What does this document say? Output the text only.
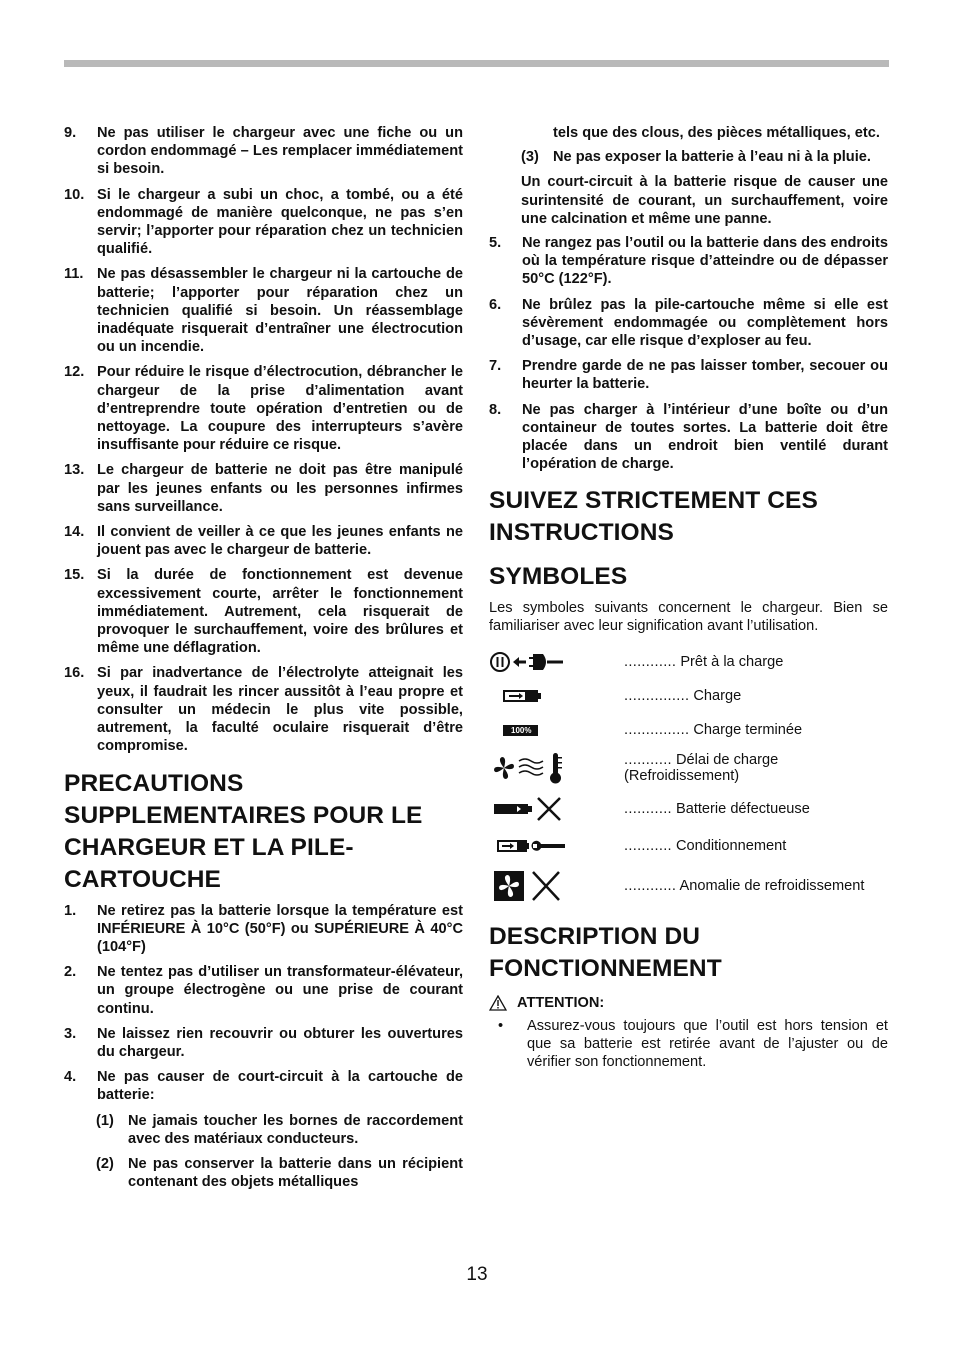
9.	Ne pas utiliser le chargeur avec une fiche ou un cordon endommagé – Les remplacer immédiatement si besoin.
10. Si le chargeur a subi un choc, a tombé, ou a été endommagé de manière quelconque, ne pas s’en servir; l’apporter pour réparation chez un technicien qualifié.
11. Ne pas désassembler le chargeur ni la cartouche de batterie; l’apporter pour réparation chez un technicien qualifié si besoin. Un réassemblage inadéquate risquerait d’entraîner une électrocution ou un incendie.
12. Pour réduire le risque d’électrocution, débrancher le chargeur de la prise d’alimentation avant d’entreprendre toute opération d’entretien ou de nettoyage. La coupure des interrupteurs s’avère insuffisante pour réduire ce risque.
13. Le chargeur de batterie ne doit pas être manipulé par les jeunes enfants ou les personnes infirmes sans surveillance.
14. Il convient de veiller à ce que les jeunes enfants ne jouent pas avec le chargeur de batterie.
15. Si la durée de fonctionnement est devenue excessivement courte, arrêter le fonctionnement immédiatement. Autrement, cela risquerait de provoquer le surchauffement, voire des brûlures et même une déflagration.
16. Si par inadvertance de l’électrolyte atteignait les yeux, il faudrait les rincer aussitôt à l’eau propre et consulter un médecin le plus vite possible, autrement, la faculté oculaire risquerait d’être compromise.
PRECAUTIONS SUPPLEMENTAIRES POUR LE CHARGEUR ET LA PILE-CARTOUCHE
1.	Ne retirez pas la batterie lorsque la température est INFÉRIEURE À 10°C (50°F) ou SUPÉRIEURE À 40°C (104°F)
2.	Ne tentez pas d’utiliser un transformateur-élévateur, un groupe électrogène ou une prise de courant continu.
3.	Ne laissez rien recouvrir ou obturer les ouvertures du chargeur.
4.	Ne pas causer de court-circuit à la cartouche de batterie:
(1) Ne jamais toucher les bornes de raccordement avec des matériaux conducteurs.
(2) Ne pas conserver la batterie dans un récipient contenant des objets métalliques
tels que des clous, des pièces métalliques, etc.
(3) Ne pas exposer la batterie à l’eau ni à la pluie.
Un court-circuit à la batterie risque de causer une surintensité de courant, un surchauffement, voire une calcination et même une panne.
5.	Ne rangez pas l’outil ou la batterie dans des endroits où la température risque d’atteindre ou de dépasser 50°C (122°F).
6.	Ne brûlez pas la pile-cartouche même si elle est sévèrement endommagée ou complètement hors d’usage, car elle risque d’exploser au feu.
7.	Prendre garde de ne pas laisser tomber, secouer ou heurter la batterie.
8.	Ne pas charger à l’intérieur d’une boîte ou d’un containeur de toutes sortes. La batterie doit être placée dans un endroit bien ventilé durant l’opération de charge.
SUIVEZ STRICTEMENT CES INSTRUCTIONS
SYMBOLES
Les symboles suivants concernent le chargeur. Bien se familiariser avec leur signification avant l’utilisation.
............ Prêt à la charge
............... Charge
100%	............... Charge terminée
........... Délai de charge (Refroidissement)
........... Batterie défectueuse
........... Conditionnement
............ Anomalie de refroidissement
DESCRIPTION DU FONCTIONNEMENT
ATTENTION:
•	Assurez-vous toujours que l’outil est hors tension et que sa batterie est retirée avant de l’ajuster ou de vérifier son fonctionnement.
13
